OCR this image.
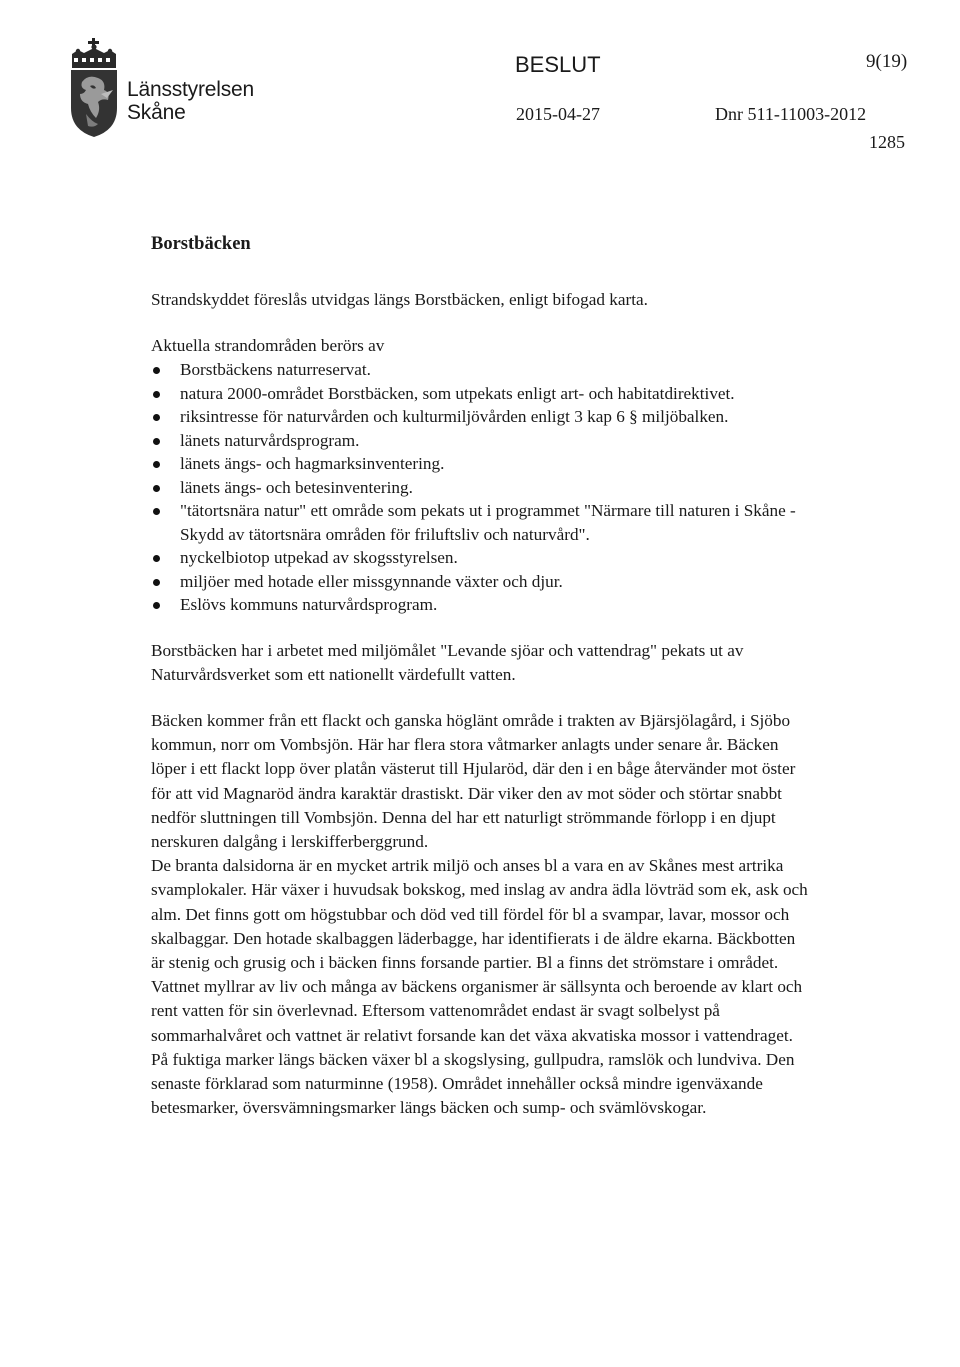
Länsstyrelsen
Skåne
BESLUT	9(19)
2015-04-27	Dnr 511-11003-2012
1285
Borstbäcken

Strandskyddet föreslås utvidgas längs Borstbäcken, enligt bifogad karta.

Aktuella strandområden berörs av

Borstbäckens naturreservat.
natura 2000-området Borstbäcken, som utpekats enligt art- och habitatdirektivet.
riksintresse för naturvården och kulturmiljövården enligt 3 kap 6 § miljöbalken.
länets naturvårdsprogram.
länets ängs- och hagmarksinventering.
länets ängs- och betesinventering.
"tätortsnära natur" ett område som pekats ut i programmet "Närmare till naturen i Skåne - Skydd av tätortsnära områden för friluftsliv och naturvård".
nyckelbiotop utpekad av skogsstyrelsen.
miljöer med hotade eller missgynnande växter och djur.
Eslövs kommuns naturvårdsprogram.

Borstbäcken har i arbetet med miljömålet "Levande sjöar och vattendrag" pekats ut av Naturvårdsverket som ett nationellt värdefullt vatten.

Bäcken kommer från ett flackt och ganska höglänt område i trakten av Bjärsjölagård, i Sjöbo kommun, norr om Vombsjön. Här har flera stora våtmarker anlagts under senare år. Bäcken löper i ett flackt lopp över platån västerut till Hjularöd, där den i en båge återvänder mot öster för att vid Magnaröd ändra karaktär drastiskt. Där viker den av mot söder och störtar snabbt nedför sluttningen till Vombsjön. Denna del har ett naturligt strömmande förlopp i en djupt nerskuren dalgång i lerskifferberggrund.

De branta dalsidorna är en mycket artrik miljö och anses bl a vara en av Skånes mest artrika svamplokaler. Här växer i huvudsak bokskog, med inslag av andra ädla lövträd som ek, ask och alm. Det finns gott om högstubbar och död ved till fördel för bl a svampar, lavar, mossor och skalbaggar. Den hotade skalbaggen läderbagge, har identifierats i de äldre ekarna. Bäckbotten är stenig och grusig och i bäcken finns forsande partier. Bl a finns det strömstare i området. Vattnet myllrar av liv och många av bäckens organismer är sällsynta och beroende av klart och rent vatten för sin överlevnad. Eftersom vattenområdet endast är svagt solbelyst på sommarhalvåret och vattnet är relativt forsande kan det växa akvatiska mossor i vattendraget.

På fuktiga marker längs bäcken växer bl a skogslysing, gullpudra, ramslök och lundviva. Den senaste förklarad som naturminne (1958). Området innehåller också mindre igenväxande betesmarker, översvämningsmarker längs bäcken och sump- och svämlövskogar.
